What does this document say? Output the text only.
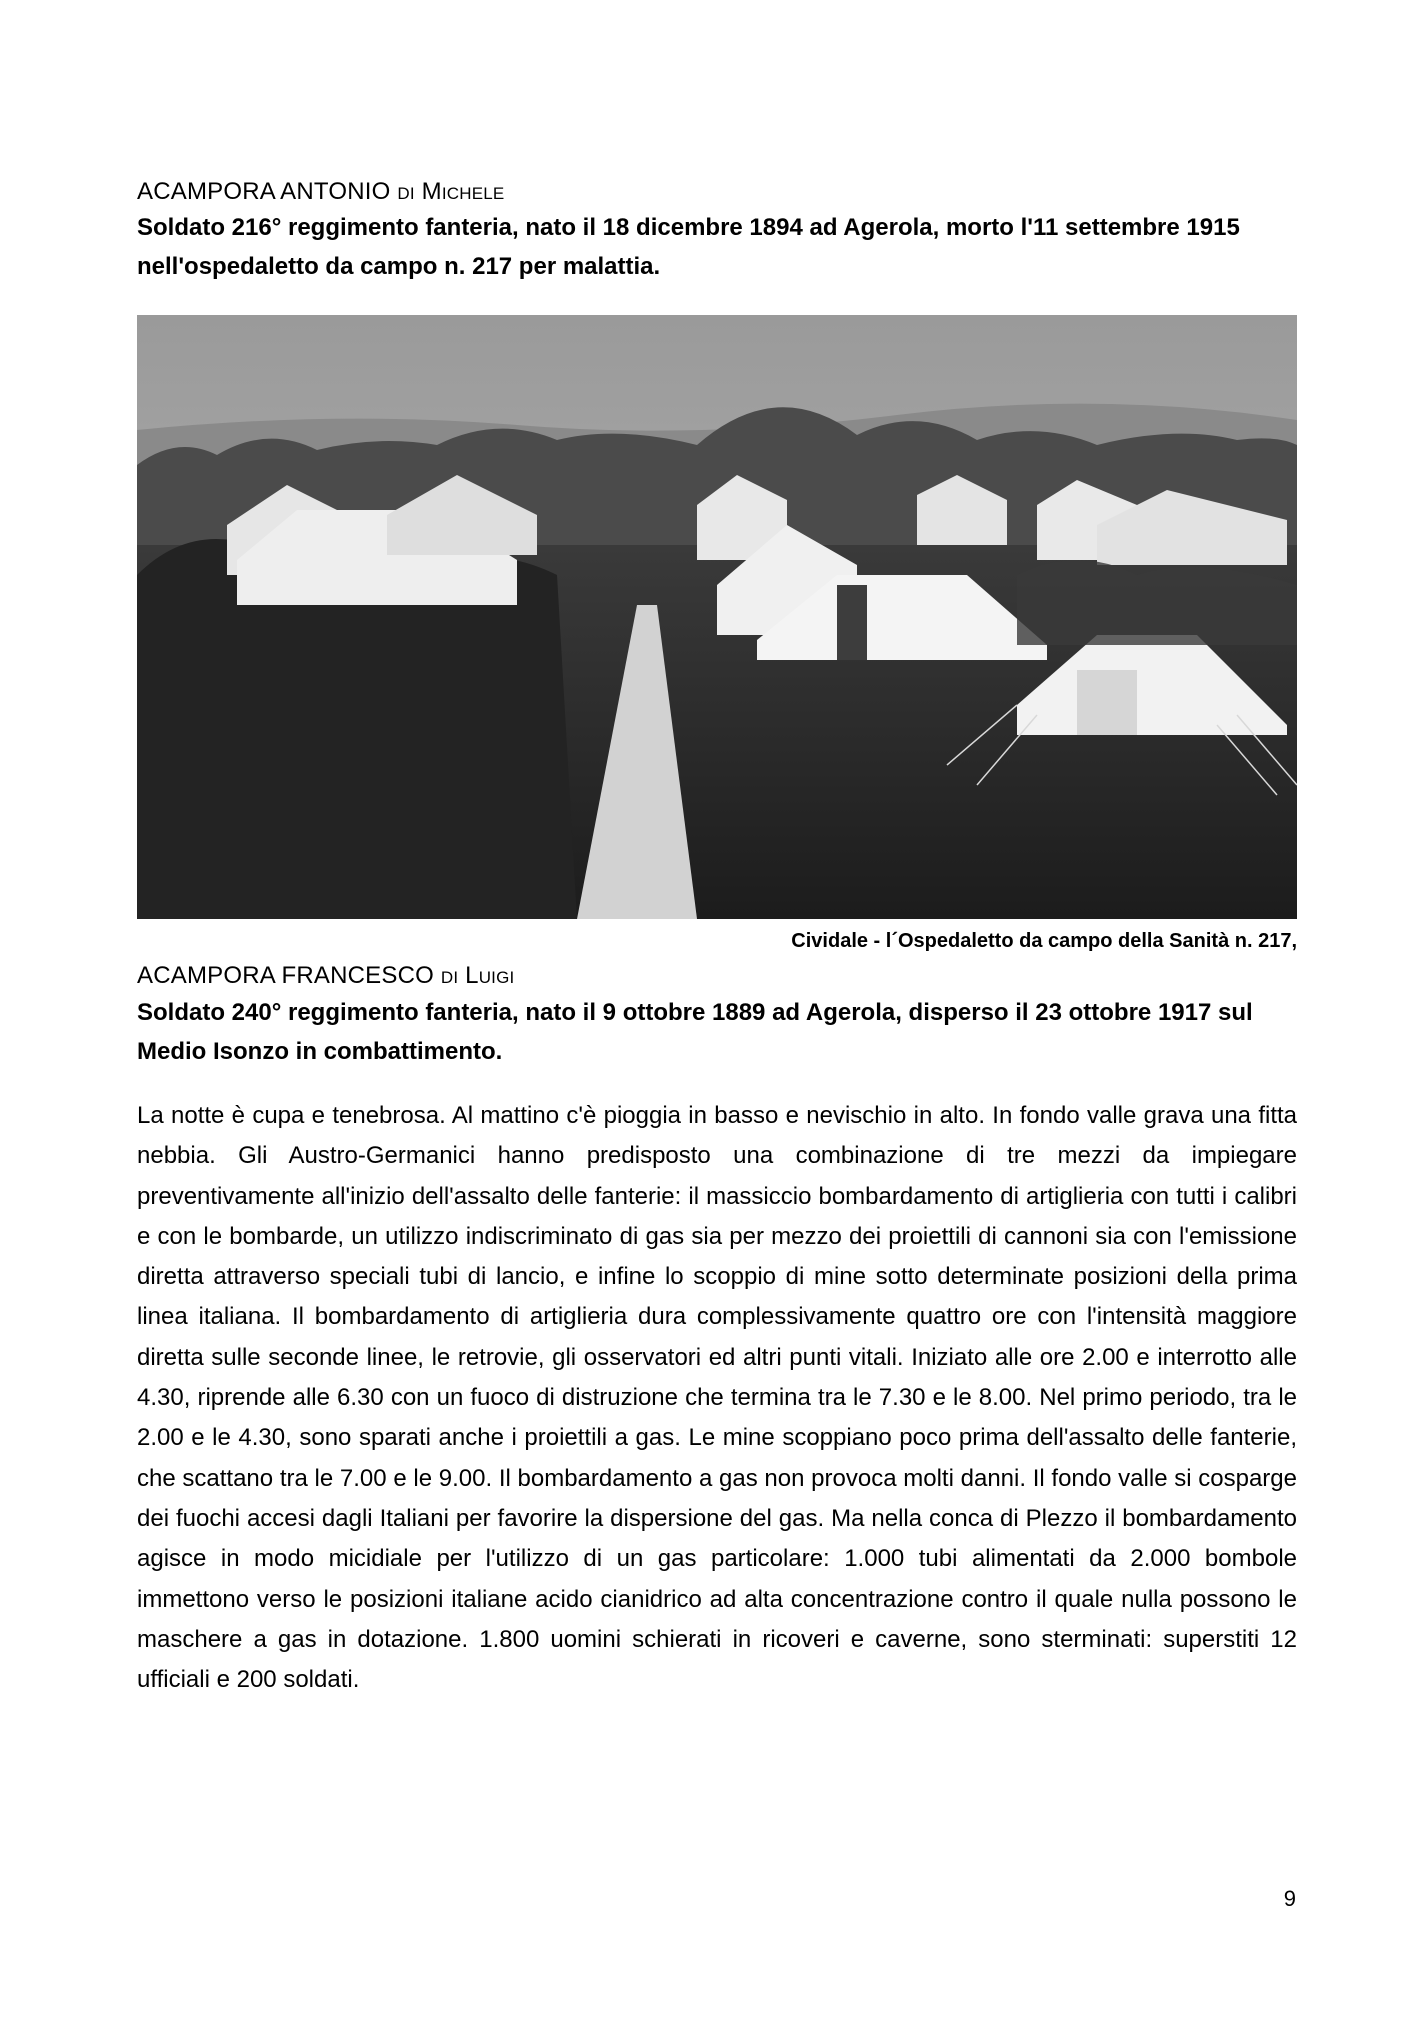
ACAMPORA ANTONIO DI MICHELE

Soldato 216° reggimento fanteria, nato il 18 dicembre 1894 ad Agerola, morto l'11 settembre 1915 nell'ospedaletto da campo n. 217 per malattia.

Cividale - l´Ospedaletto da campo della Sanità n. 217,

ACAMPORA FRANCESCO DI LUIGI

Soldato 240° reggimento fanteria, nato il 9 ottobre 1889 ad Agerola, disperso il 23 ottobre 1917 sul Medio Isonzo in combattimento.

La notte è cupa e tenebrosa. Al mattino c'è pioggia in basso e nevischio in alto. In fondo valle grava una fitta nebbia. Gli Austro-Germanici hanno predisposto una combinazione di tre mezzi da impiegare preventivamente all'inizio dell'assalto delle fanterie: il massiccio bombardamento di artiglieria con tutti i calibri e con le bombarde, un utilizzo indiscriminato di gas sia per mezzo dei proiettili di cannoni sia con l'emissione diretta attraverso speciali tubi di lancio, e infine lo scoppio di mine sotto determinate posizioni della prima linea italiana. Il bombardamento di artiglieria dura complessivamente quattro ore con l'intensità maggiore diretta sulle seconde linee, le retrovie, gli osservatori ed altri punti vitali. Iniziato alle ore 2.00 e interrotto alle 4.30, riprende alle 6.30 con un fuoco di distruzione che termina tra le 7.30 e le 8.00. Nel primo periodo, tra le 2.00 e le 4.30, sono sparati anche i proiettili a gas. Le mine scoppiano poco prima dell'assalto delle fanterie, che scattano tra le 7.00 e le 9.00. Il bombardamento a gas non provoca molti danni. Il fondo valle si cosparge dei fuochi accesi dagli Italiani per favorire la dispersione del gas. Ma nella conca di Plezzo il bombardamento agisce in modo micidiale per l'utilizzo di un gas particolare: 1.000 tubi alimentati da 2.000 bombole immettono verso le posizioni italiane acido cianidrico ad alta concentrazione contro il quale nulla possono le maschere a gas in dotazione. 1.800 uomini schierati in ricoveri e caverne, sono sterminati: superstiti 12 ufficiali e 200 soldati.

9
